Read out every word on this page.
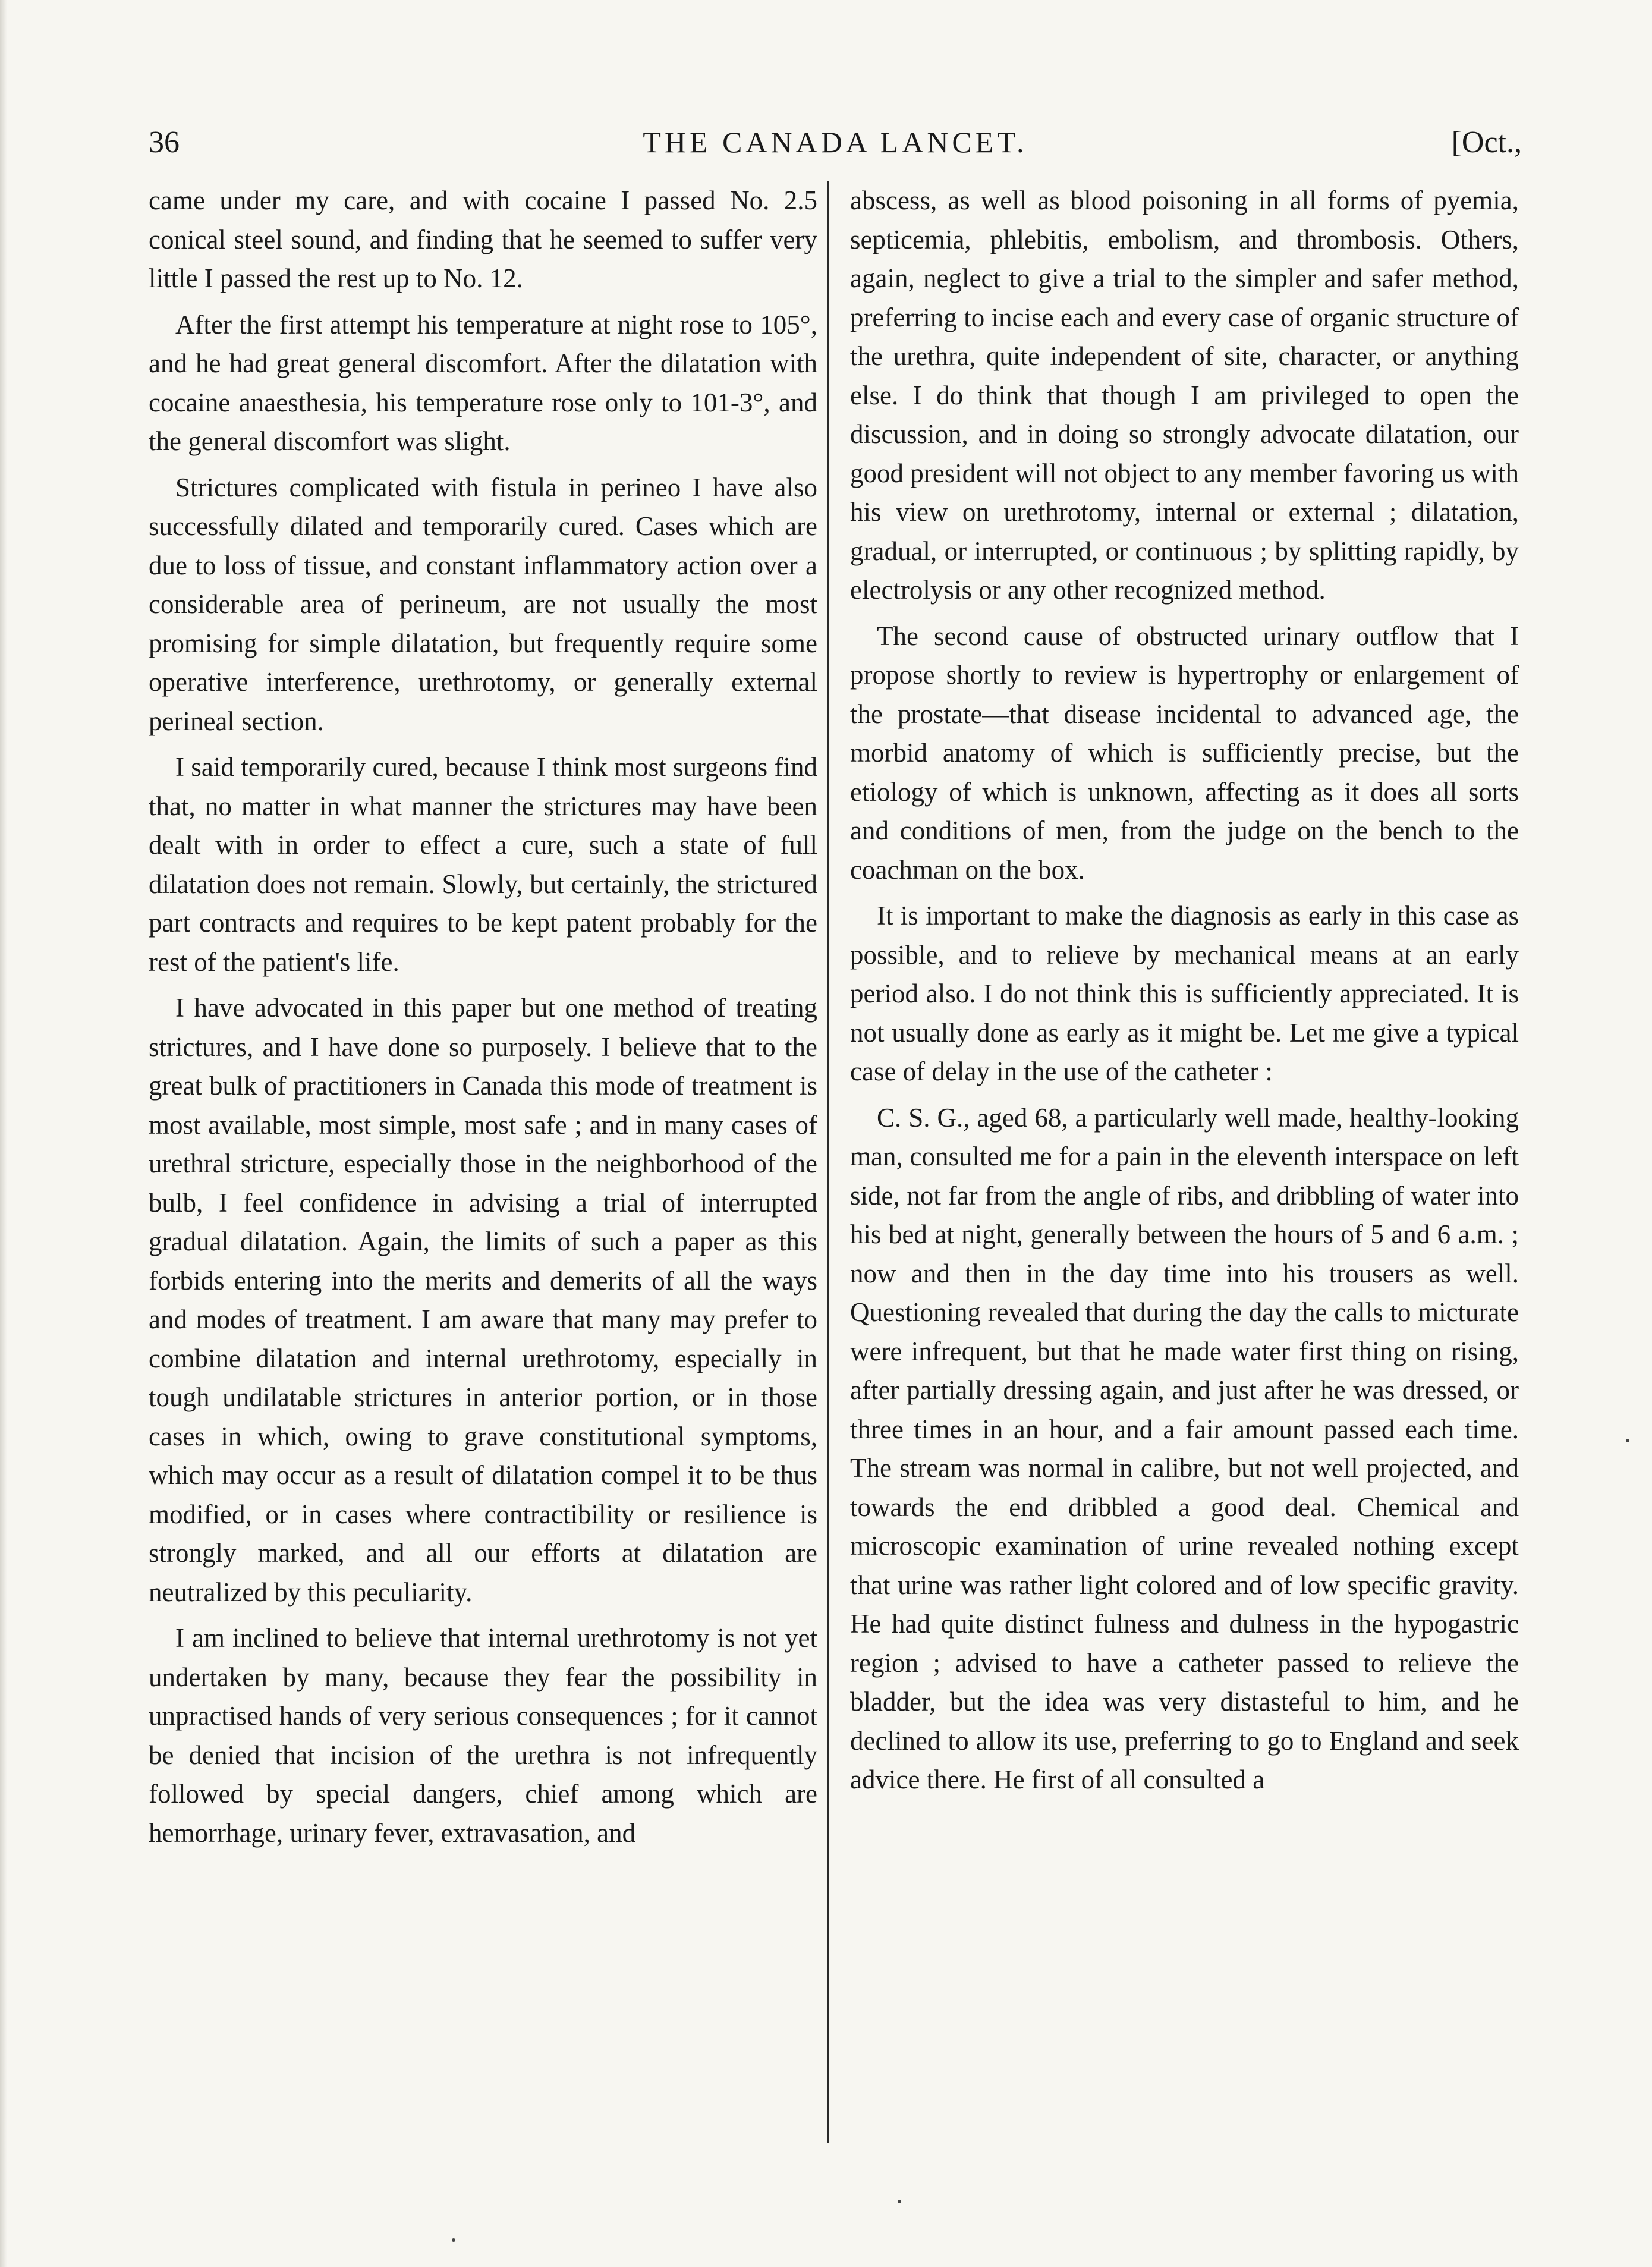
36	THE CANADA LANCET.	[Oct.,

came under my care, and with cocaine I passed No. 2.5 conical steel sound, and finding that he seemed to suffer very little I passed the rest up to No. 12.

After the first attempt his temperature at night rose to 105°, and he had great general discomfort. After the dilatation with cocaine anaesthesia, his temperature rose only to 101-3°, and the general discomfort was slight.

Strictures complicated with fistula in perineo I have also successfully dilated and temporarily cured. Cases which are due to loss of tissue, and constant inflammatory action over a considerable area of perineum, are not usually the most promising for simple dilatation, but frequently require some operative interference, urethrotomy, or generally external perineal section.

I said temporarily cured, because I think most surgeons find that, no matter in what manner the strictures may have been dealt with in order to effect a cure, such a state of full dilatation does not remain. Slowly, but certainly, the strictured part contracts and requires to be kept patent probably for the rest of the patient's life.

I have advocated in this paper but one method of treating strictures, and I have done so purposely. I believe that to the great bulk of practitioners in Canada this mode of treatment is most available, most simple, most safe ; and in many cases of urethral stricture, especially those in the neighborhood of the bulb, I feel confidence in advising a trial of interrupted gradual dilatation. Again, the limits of such a paper as this forbids entering into the merits and demerits of all the ways and modes of treatment. I am aware that many may prefer to combine dilatation and internal urethrotomy, especially in tough undilatable strictures in anterior portion, or in those cases in which, owing to grave constitutional symptoms, which may occur as a result of dilatation compel it to be thus modified, or in cases where contractibility or resilience is strongly marked, and all our efforts at dilatation are neutralized by this peculiarity.

I am inclined to believe that internal urethrotomy is not yet undertaken by many, because they fear the possibility in unpractised hands of very serious consequences ; for it cannot be denied that incision of the urethra is not infrequently followed by special dangers, chief among which are hemorrhage, urinary fever, extravasation, and

abscess, as well as blood poisoning in all forms of pyemia, septicemia, phlebitis, embolism, and thrombosis. Others, again, neglect to give a trial to the simpler and safer method, preferring to incise each and every case of organic structure of the urethra, quite independent of site, character, or anything else. I do think that though I am privileged to open the discussion, and in doing so strongly advocate dilatation, our good president will not object to any member favoring us with his view on urethrotomy, internal or external ; dilatation, gradual, or interrupted, or continuous ; by splitting rapidly, by electrolysis or any other recognized method.

The second cause of obstructed urinary outflow that I propose shortly to review is hypertrophy or enlargement of the prostate—that disease incidental to advanced age, the morbid anatomy of which is sufficiently precise, but the etiology of which is unknown, affecting as it does all sorts and conditions of men, from the judge on the bench to the coachman on the box.

It is important to make the diagnosis as early in this case as possible, and to relieve by mechanical means at an early period also. I do not think this is sufficiently appreciated. It is not usually done as early as it might be. Let me give a typical case of delay in the use of the catheter :

C. S. G., aged 68, a particularly well made, healthy-looking man, consulted me for a pain in the eleventh interspace on left side, not far from the angle of ribs, and dribbling of water into his bed at night, generally between the hours of 5 and 6 a.m. ; now and then in the day time into his trousers as well. Questioning revealed that during the day the calls to micturate were infrequent, but that he made water first thing on rising, after partially dressing again, and just after he was dressed, or three times in an hour, and a fair amount passed each time. The stream was normal in calibre, but not well projected, and towards the end dribbled a good deal. Chemical and microscopic examination of urine revealed nothing except that urine was rather light colored and of low specific gravity. He had quite distinct fulness and dulness in the hypogastric region ; advised to have a catheter passed to relieve the bladder, but the idea was very distasteful to him, and he declined to allow its use, preferring to go to England and seek advice there. He first of all consulted a
